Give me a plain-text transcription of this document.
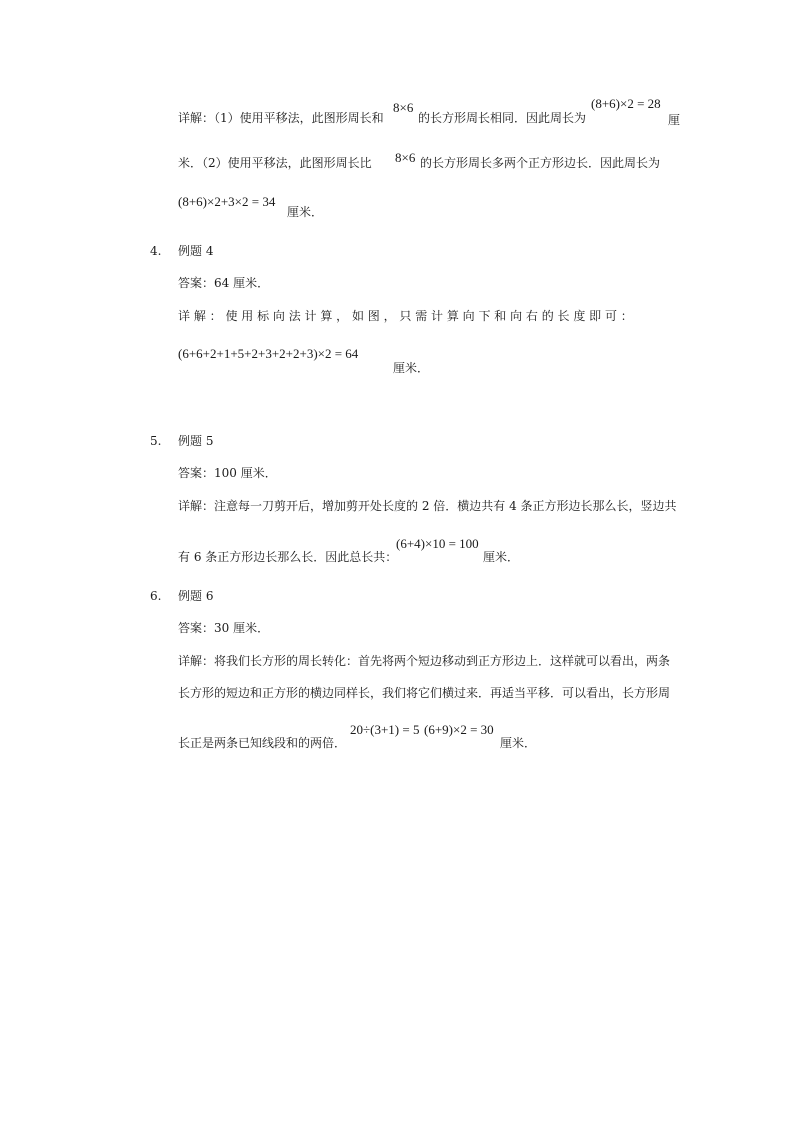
详解：（1）使用平移法，此图形周长和
8×6
的长方形周长相同．因此周长为
(8+6)×2 = 28
厘
米．（2）使用平移法，此图形周长比 8×6 的长方形周长多两个正方形边长．因此周长为
(8+6)×2+3×2 = 34
厘米．
4. 例题 4
答案：64 厘米．
详 解 ： 使 用 标 向 法 计 算 ， 如 图 ， 只 需 计 算 向 下 和 向 右 的 长 度 即 可 ：
(6+6+2+1+5+2+3+2+2+3)×2 = 64
厘米．
5. 例题 5
答案：100 厘米．
详解：注意每一刀剪开后，增加剪开处长度的 2 倍．横边共有 4 条正方形边长那么长，竖边共
有 6 条正方形边长那么长．因此总长共：
(6+4)×10 = 100
厘米．
6. 例题 6
答案：30 厘米．
详解：将我们长方形的周长转化：首先将两个短边移动到正方形边上．这样就可以看出，两条
长方形的短边和正方形的横边同样长，我们将它们横过来．再适当平移．可以看出，长方形周
长正是两条已知线段和的两倍．
20÷(3+1) = 5 (6+9)×2 = 30
厘米．
